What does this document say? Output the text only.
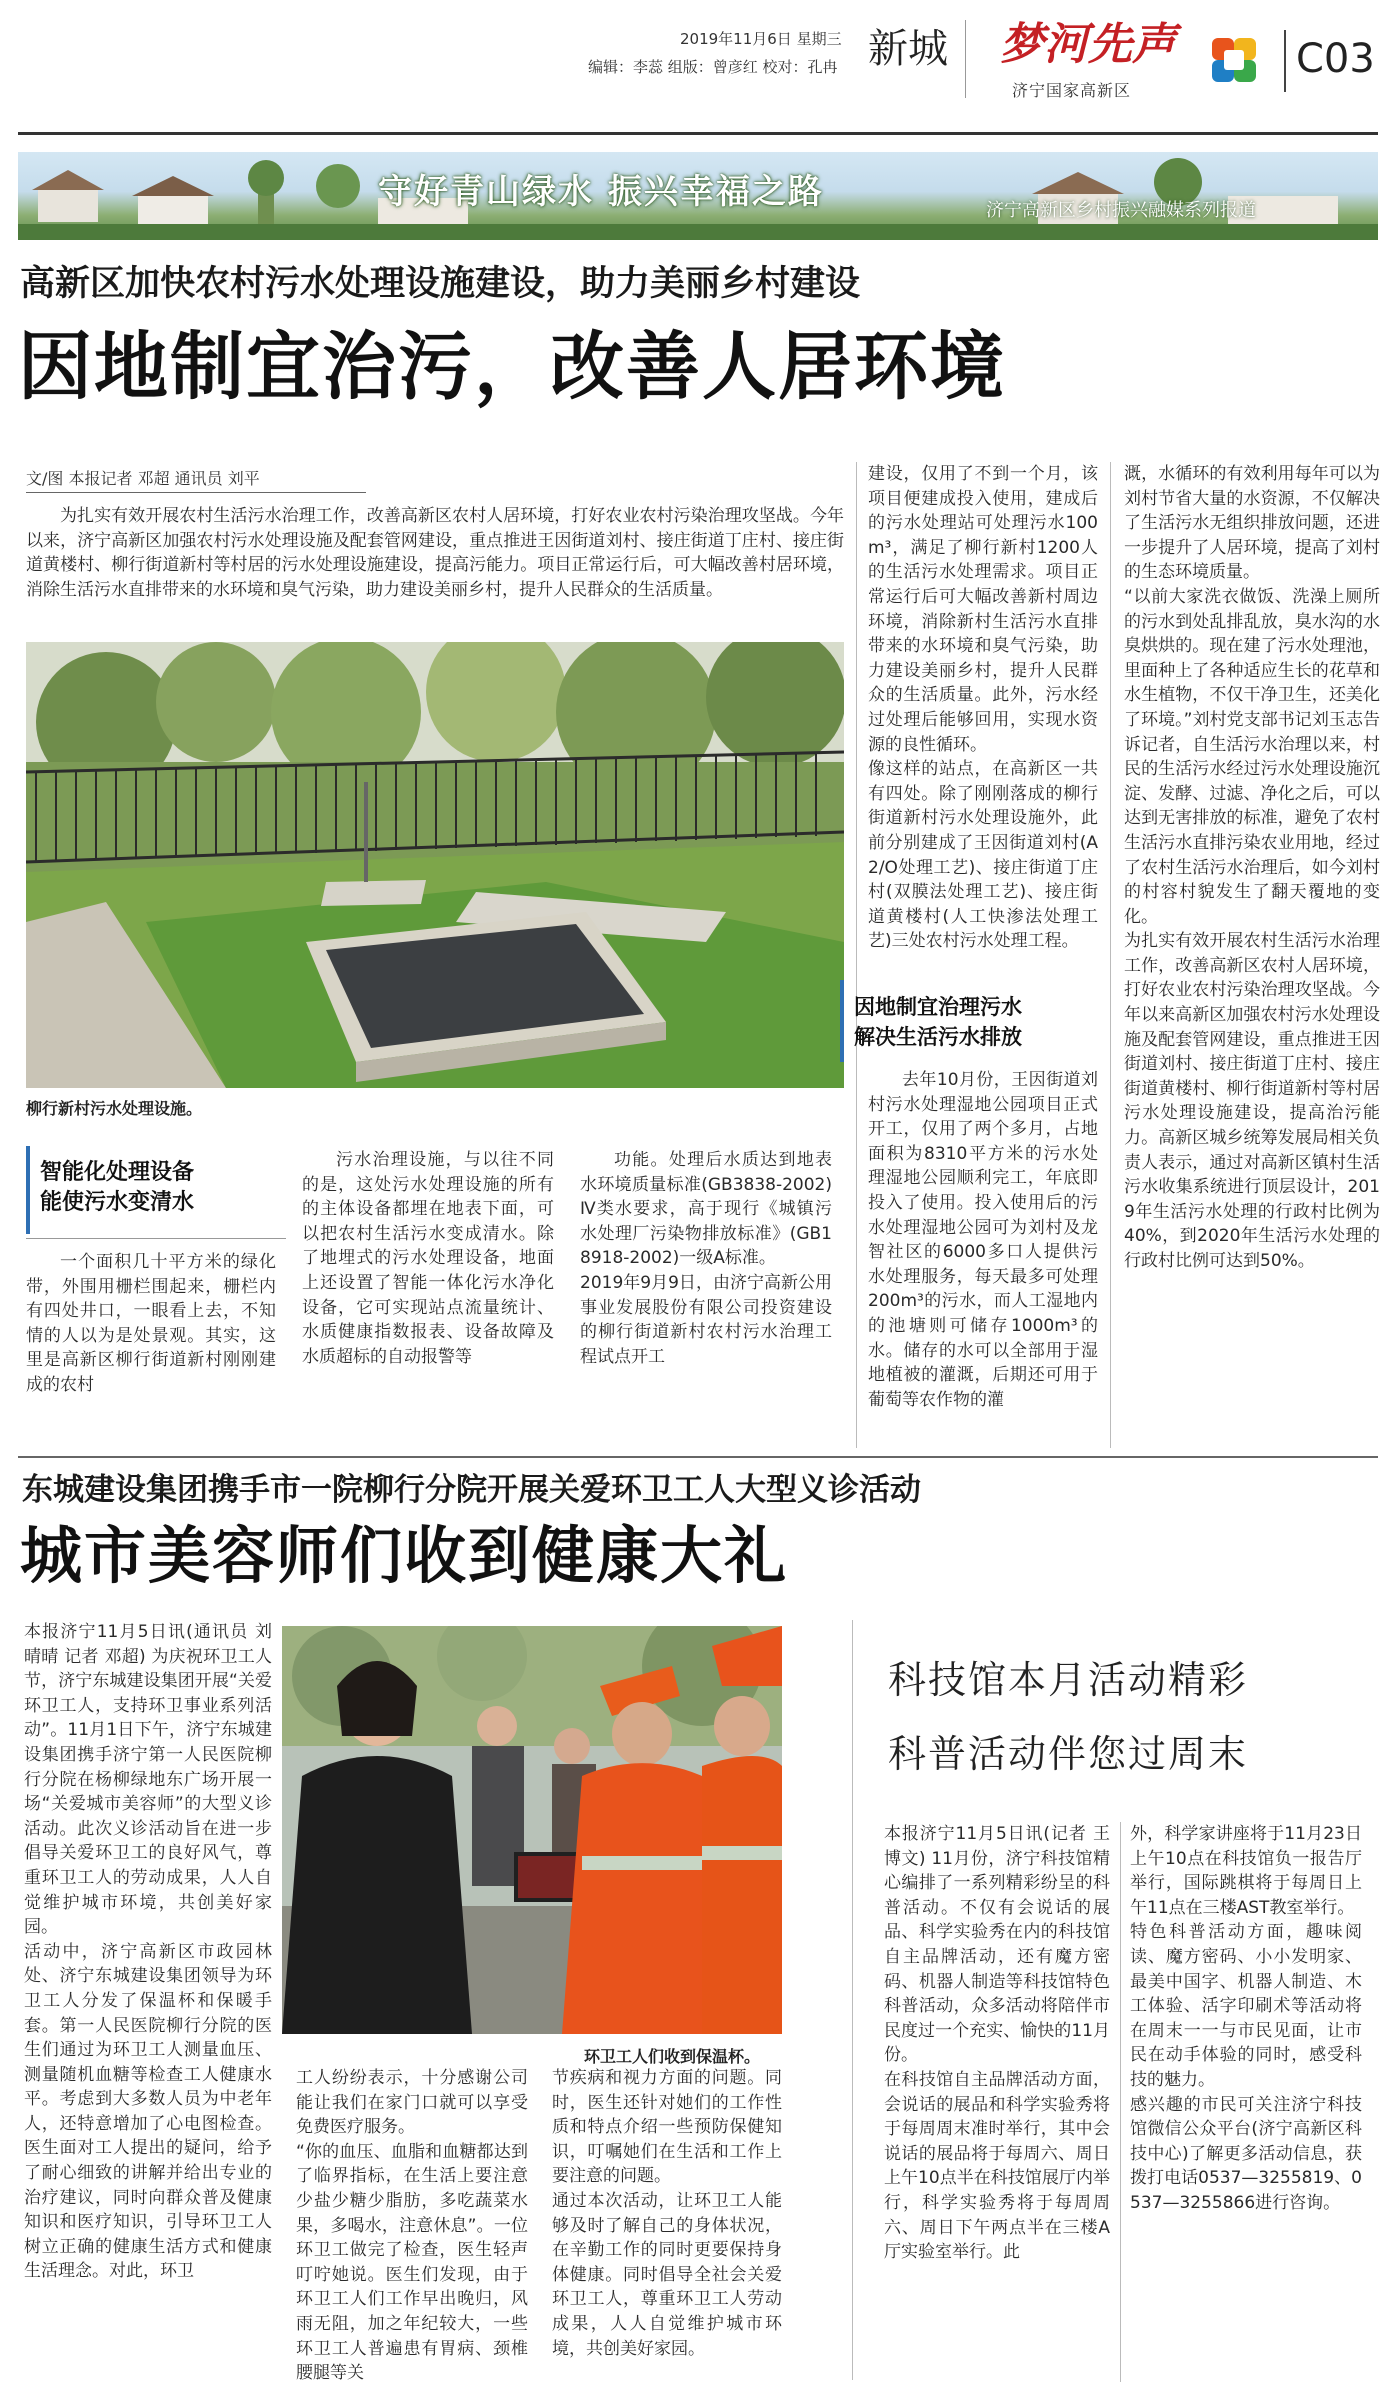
2019年11月6日 星期三
编辑：李蕊 组版：曾彦红 校对：孔冉 新城 梦河先声
济宁国家高新区
C03
守好青山绿水 振兴幸福之路	济宁高新区乡村振兴融媒系列报道
高新区加快农村污水处理设施建设，助力美丽乡村建设
因地制宜治污，改善人居环境
文/图 本报记者 邓超 通讯员 刘平
为扎实有效开展农村生活污水治理工作，改善高新区农村人居环境，打好农业农村污染治理攻坚战。今年以来，济宁高新区加强农村污水处理设施及配套管网建设，重点推进王因街道刘村、接庄街道丁庄村、接庄街道黄楼村、柳行街道新村等村居的污水处理设施建设，提高污能力。项目正常运行后，可大幅改善村居环境，消除生活污水直排带来的水环境和臭气污染，助力建设美丽乡村，提升人民群众的生活质量。
柳行新村污水处理设施。
智能化处理设备
能使污水变清水
一个面积几十平方米的绿化带，外围用栅栏围起来，栅栏内有四处井口，一眼看上去，不知情的人以为是处景观。其实，这里是高新区柳行街道新村刚刚建成的农村
污水治理设施，与以往不同的是，这处污水处理设施的所有的主体设备都埋在地表下面，可以把农村生活污水变成清水。除了地埋式的污水处理设备，地面上还设置了智能一体化污水净化设备，它可实现站点流量统计、水质健康指数报表、设备故障及水质超标的自动报警等
功能。处理后水质达到地表水环境质量标准(GB3838-2002)Ⅳ类水要求，高于现行《城镇污水处理厂污染物排放标准》(GB18918-2002)一级A标准。
2019年9月9日，由济宁高新公用事业发展股份有限公司投资建设的柳行街道新村农村污水治理工程试点开工
建设，仅用了不到一个月，该项目便建成投入使用，建成后的污水处理站可处理污水100m³，满足了柳行新村1200人的生活污水处理需求。项目正常运行后可大幅改善新村周边环境，消除新村生活污水直排带来的水环境和臭气污染，助力建设美丽乡村，提升人民群众的生活质量。此外，污水经过处理后能够回用，实现水资源的良性循环。
像这样的站点，在高新区一共有四处。除了刚刚落成的柳行街道新村污水处理设施外，此前分别建成了王因街道刘村(A2/O处理工艺)、接庄街道丁庄村(双膜法处理工艺)、接庄街道黄楼村(人工快渗法处理工艺)三处农村污水处理工程。
因地制宜治理污水
解决生活污水排放
去年10月份，王因街道刘村污水处理湿地公园项目正式开工，仅用了两个多月，占地面积为8310平方米的污水处理湿地公园顺利完工，年底即投入了使用。投入使用后的污水处理湿地公园可为刘村及龙智社区的6000多口人提供污水处理服务，每天最多可处理200m³的污水，而人工湿地内的池塘则可储存1000m³的水。储存的水可以全部用于湿地植被的灌溉，后期还可用于葡萄等农作物的灌
溉，水循环的有效利用每年可以为刘村节省大量的水资源，不仅解决了生活污水无组织排放问题，还进一步提升了人居环境，提高了刘村的生态环境质量。
“以前大家洗衣做饭、洗澡上厕所的污水到处乱排乱放，臭水沟的水臭烘烘的。现在建了污水处理池，里面种上了各种适应生长的花草和水生植物，不仅干净卫生，还美化了环境。”刘村党支部书记刘玉志告诉记者，自生活污水治理以来，村民的生活污水经过污水处理设施沉淀、发酵、过滤、净化之后，可以达到无害排放的标准，避免了农村生活污水直排污染农业用地，经过了农村生活污水治理后，如今刘村的村容村貌发生了翻天覆地的变化。
为扎实有效开展农村生活污水治理工作，改善高新区农村人居环境，打好农业农村污染治理攻坚战。今年以来高新区加强农村污水处理设施及配套管网建设，重点推进王因街道刘村、接庄街道丁庄村、接庄街道黄楼村、柳行街道新村等村居污水处理设施建设，提高治污能力。高新区城乡统筹发展局相关负责人表示，通过对高新区镇村生活污水收集系统进行顶层设计，2019年生活污水处理的行政村比例为40%，到2020年生活污水处理的行政村比例可达到50%。
东城建设集团携手市一院柳行分院开展关爱环卫工人大型义诊活动
城市美容师们收到健康大礼
本报济宁11月5日讯(通讯员 刘晴晴 记者 邓超) 为庆祝环卫工人节，济宁东城建设集团开展“关爱环卫工人，支持环卫事业系列活动”。11月1日下午，济宁东城建设集团携手济宁第一人民医院柳行分院在杨柳绿地东广场开展一场“关爱城市美容师”的大型义诊活动。此次义诊活动旨在进一步倡导关爱环卫工的良好风气，尊重环卫工人的劳动成果，人人自觉维护城市环境，共创美好家园。
活动中，济宁高新区市政园林处、济宁东城建设集团领导为环卫工人分发了保温杯和保暖手套。第一人民医院柳行分院的医生们通过为环卫工人测量血压、测量随机血糖等检查工人健康水平。考虑到大多数人员为中老年人，还特意增加了心电图检查。医生面对工人提出的疑问，给予了耐心细致的讲解并给出专业的治疗建议，同时向群众普及健康知识和医疗知识，引导环卫工人树立正确的健康生活方式和健康生活理念。对此，环卫
环卫工人们收到保温杯。
工人纷纷表示，十分感谢公司能让我们在家门口就可以享受免费医疗服务。
“你的血压、血脂和血糖都达到了临界指标，在生活上要注意少盐少糖少脂肪，多吃蔬菜水果，多喝水，注意休息”。一位环卫工做完了检查，医生轻声叮咛她说。医生们发现，由于环卫工人们工作早出晚归，风雨无阻，加之年纪较大，一些环卫工人普遍患有胃病、颈椎腰腿等关
节疾病和视力方面的问题。同时，医生还针对她们的工作性质和特点介绍一些预防保健知识，叮嘱她们在生活和工作上要注意的问题。
通过本次活动，让环卫工人能够及时了解自己的身体状况，在辛勤工作的同时更要保持身体健康。同时倡导全社会关爱环卫工人，尊重环卫工人劳动成果，人人自觉维护城市环境，共创美好家园。
科技馆本月活动精彩
科普活动伴您过周末
本报济宁11月5日讯(记者 王博文) 11月份，济宁科技馆精心编排了一系列精彩纷呈的科普活动。不仅有会说话的展品、科学实验秀在内的科技馆自主品牌活动，还有魔方密码、机器人制造等科技馆特色科普活动，众多活动将陪伴市民度过一个充实、愉快的11月份。
在科技馆自主品牌活动方面，会说话的展品和科学实验秀将于每周周末准时举行，其中会说话的展品将于每周六、周日上午10点半在科技馆展厅内举行，科学实验秀将于每周周六、周日下午两点半在三楼A厅实验室举行。此
外，科学家讲座将于11月23日上午10点在科技馆负一报告厅举行，国际跳棋将于每周日上午11点在三楼AST教室举行。
特色科普活动方面，趣味阅读、魔方密码、小小发明家、最美中国字、机器人制造、木工体验、活字印刷术等活动将在周末一一与市民见面，让市民在动手体验的同时，感受科技的魅力。
感兴趣的市民可关注济宁科技馆微信公众平台(济宁高新区科技中心)了解更多活动信息，获拨打电话0537—3255819、0537—3255866进行咨询。
